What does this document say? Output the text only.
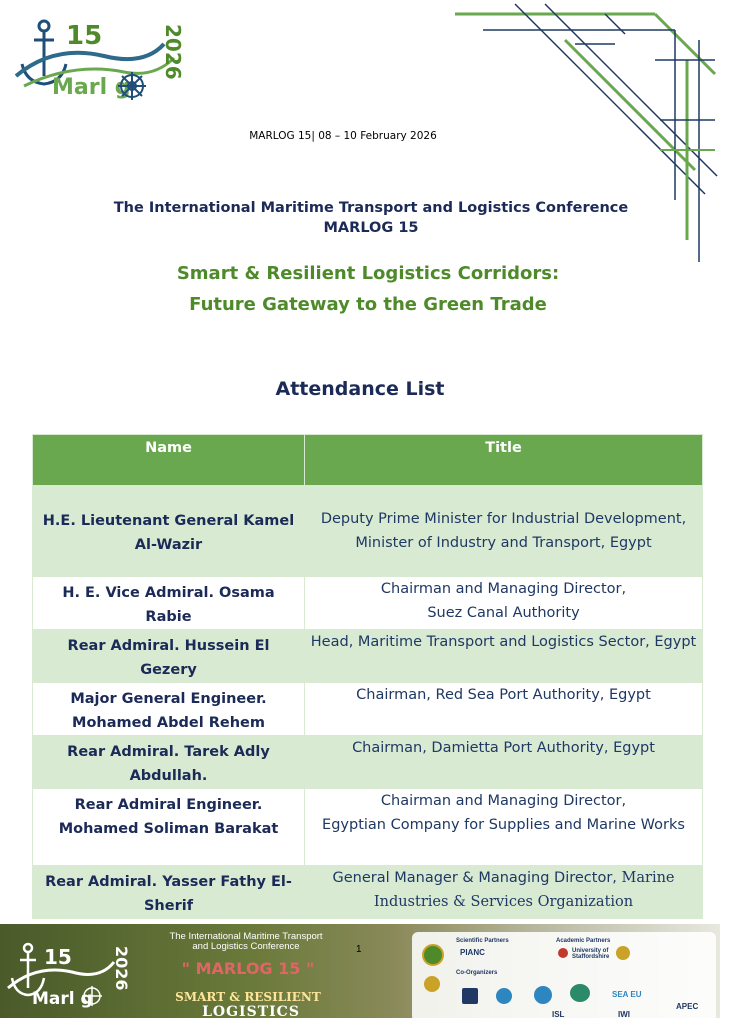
15
Marl g
2026
MARLOG 15| 08 – 10 February 2026
The International Maritime Transport and Logistics Conference
MARLOG 15
Smart & Resilient Logistics Corridors:
Future Gateway to the Green Trade
Attendance List
Name	Title
H.E. Lieutenant General Kamel Al-Wazir	Deputy Prime Minister for Industrial Development, Minister of Industry and Transport, Egypt
H. E. Vice Admiral. Osama Rabie	Chairman and Managing Director,
Suez Canal Authority

Rear Admiral. Hussein El Gezery	Head, Maritime Transport and Logistics Sector, Egypt
Major General Engineer. Mohamed Abdel Rehem	Chairman, Red Sea Port Authority, Egypt
Rear Admiral. Tarek Adly Abdullah.	Chairman, Damietta Port Authority, Egypt
Rear Admiral Engineer. Mohamed Soliman Barakat	Chairman and Managing Director,
Egyptian Company for Supplies and Marine Works

Rear Admiral. Yasser Fathy El-Sherif	General Manager & Managing Director, Marine Industries & Services Organization
15
Marl g
2026
The International Maritime Transport
and Logistics Conference
" MARLOG 15 "
SMART & RESILIENT
LOGISTICS CORRIDORS
1
Scientific Partners
PIANC
Academic Partners
University of Staffordshire
Co-Organizers
SEA EU
APEC
ISL	IWI
